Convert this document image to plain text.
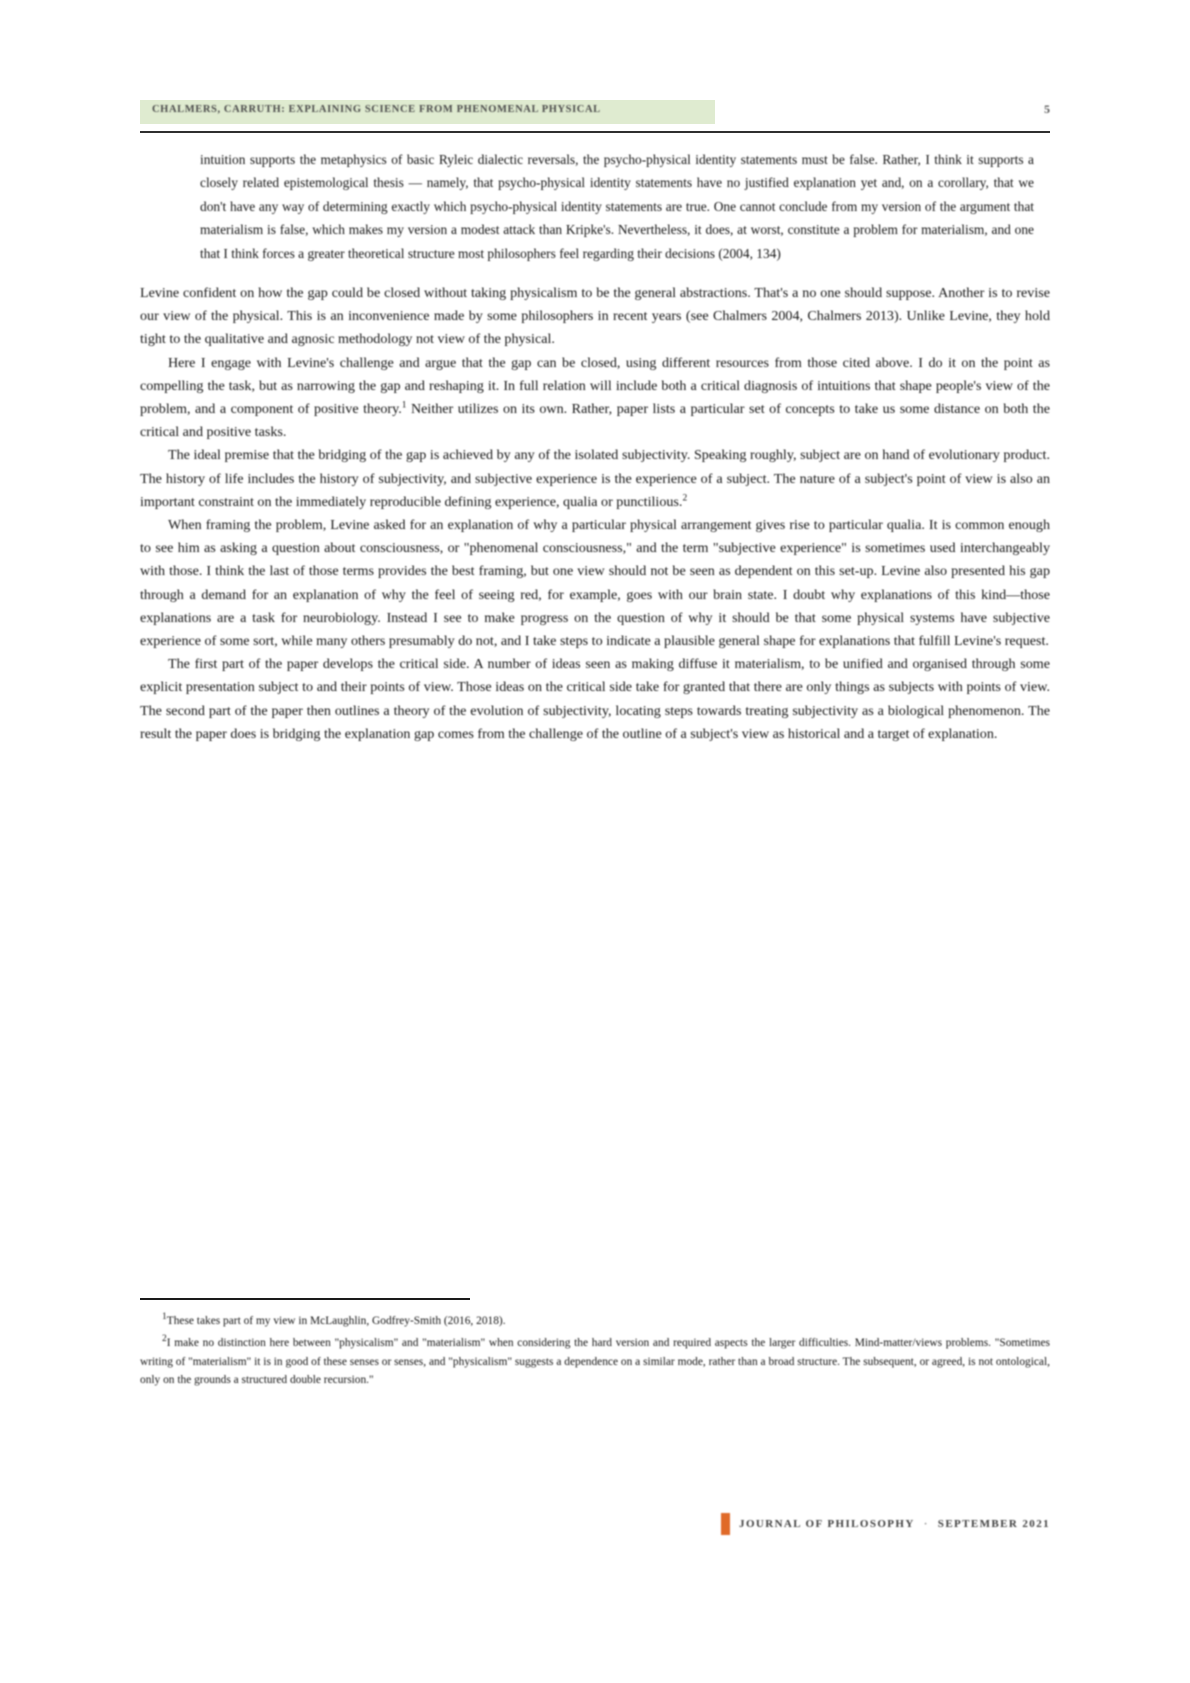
CHALMERS, CARRUTH: EXPLAINING SCIENCE FROM PHENOMENAL PHYSICAL	5

intuition supports the metaphysics of basic Ryleic dialectic reversals, the psycho-physical identity statements must be false. Rather, I think it supports a closely related epistemological thesis — namely, that psycho-physical identity statements have no justified explanation yet and, on a corollary, that we don't have any way of determining exactly which psycho-physical identity statements are true. One cannot conclude from my version of the argument that materialism is false, which makes my version a modest attack than Kripke's. Nevertheless, it does, at worst, constitute a problem for materialism, and one that I think forces a greater theoretical structure most philosophers feel regarding their decisions (2004, 134)

Levine confident on how the gap could be closed without taking physicalism to be the general abstractions. That's a no one should suppose. Another is to revise our view of the physical. This is an inconvenience made by some philosophers in recent years (see Chalmers 2004, Chalmers 2013). Unlike Levine, they hold tight to the qualitative and agnosic methodology not view of the physical.

Here I engage with Levine's challenge and argue that the gap can be closed, using different resources from those cited above. I do it on the point as compelling the task, but as narrowing the gap and reshaping it. In full relation will include both a critical diagnosis of intuitions that shape people's view of the problem, and a component of positive theory.$^1$ Neither utilizes on its own. Rather, paper lists a particular set of concepts to take us some distance on both the critical and positive tasks.

The ideal premise that the bridging of the gap is achieved by any of the isolated subjectivity. Speaking roughly, subject are on hand of evolutionary product. The history of life includes the history of subjectivity, and subjective experience is the experience of a subject. The nature of a subject's point of view is also an important constraint on the immediately reproducible defining experience, qualia or punctilious.$^2$

When framing the problem, Levine asked for an explanation of why a particular physical arrangement gives rise to particular qualia. It is common enough to see him as asking a question about consciousness, or "phenomenal consciousness," and the term "subjective experience" is sometimes used interchangeably with those. I think the last of those terms provides the best framing, but one view should not be seen as dependent on this set-up. Levine also presented his gap through a demand for an explanation of why the feel of seeing red, for example, goes with our brain state. I doubt why explanations of this kind—those explanations are a task for neurobiology. Instead I see to make progress on the question of why it should be that some physical systems have subjective experience of some sort, while many others presumably do not, and I take steps to indicate a plausible general shape for explanations that fulfill Levine's request.

The first part of the paper develops the critical side. A number of ideas seen as making diffuse it materialism, to be unified and organised through some explicit presentation subject to and their points of view. Those ideas on the critical side take for granted that there are only things as subjects with points of view. The second part of the paper then outlines a theory of the evolution of subjectivity, locating steps towards treating subjectivity as a biological phenomenon. The result the paper does is bridging the explanation gap comes from the challenge of the outline of a subject's view as historical and a target of explanation.

$^1$These takes part of my view in McLaughlin, Godfrey-Smith (2016, 2018).

$^2$I make no distinction here between "physicalism" and "materialism" when considering the hard version and required aspects the larger difficulties. Mind-matter/views problems. "Sometimes writing of "materialism" it is in good of these senses or senses, and "physicalism" suggests a dependence on a similar mode, rather than a broad structure. The subsequent, or agreed, is not ontological, only on the grounds a structured double recursion."

JOURNAL OF PHILOSOPHY · SEPTEMBER 2021
